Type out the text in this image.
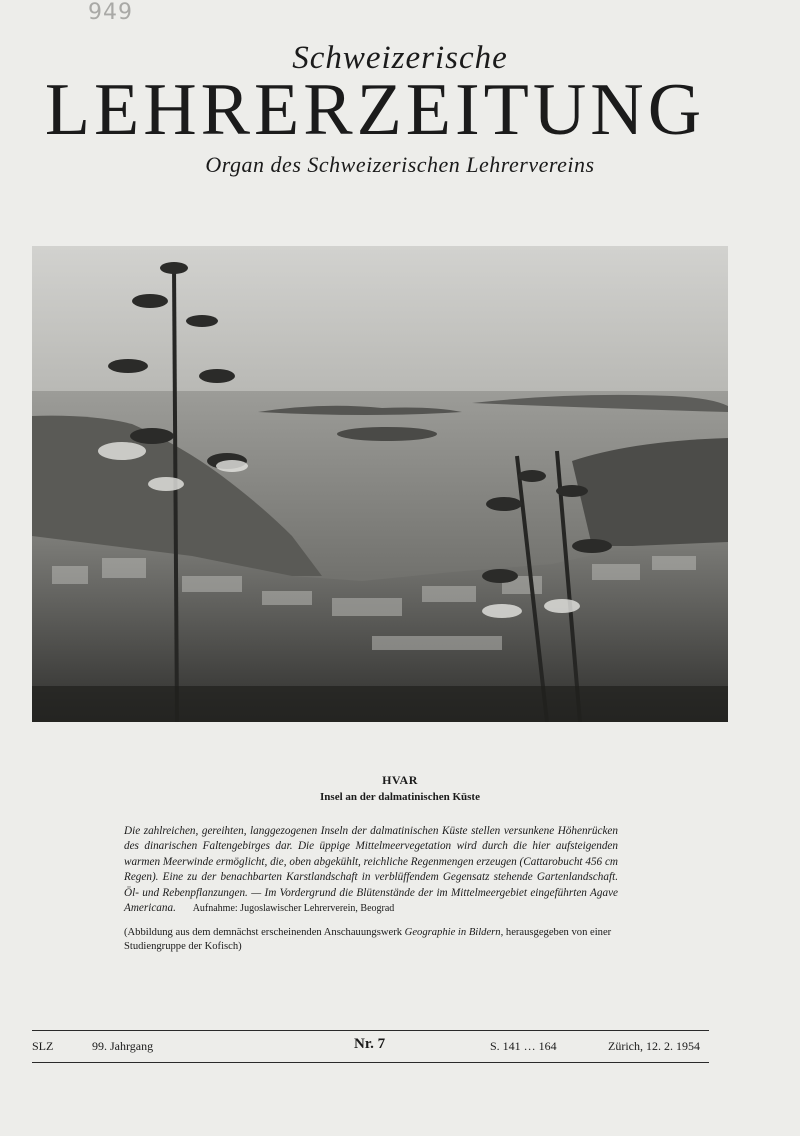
949
Schweizerische
LEHRERZEITUNG
Organ des Schweizerischen Lehrervereins
HVAR
Insel an der dalmatinischen Küste
Die zahlreichen, gereihten, langgezogenen Inseln der dalmatinischen Küste stellen versunkene Höhenrücken des dinarischen Faltengebirges dar. Die üppige Mittelmeervegetation wird durch die hier aufsteigenden warmen Meerwinde ermöglicht, die, oben abgekühlt, reichliche Regenmengen erzeugen (Cattarobucht 456 cm Regen). Eine zu der benachbarten Karstlandschaft in verblüffendem Gegensatz stehende Gartenlandschaft. Öl- und Rebenpflanzungen. — Im Vordergrund die Blütenstände der im Mittelmeergebiet eingeführten Agave Americana. Aufnahme: Jugoslawischer Lehrerverein, Beograd
(Abbildung aus dem demnächst erscheinenden Anschauungswerk Geographie in Bildern, herausgegeben von einer Studiengruppe der Kofisch)
SLZ	99. Jahrgang	Nr. 7	S. 141 … 164	Zürich, 12. 2. 1954
